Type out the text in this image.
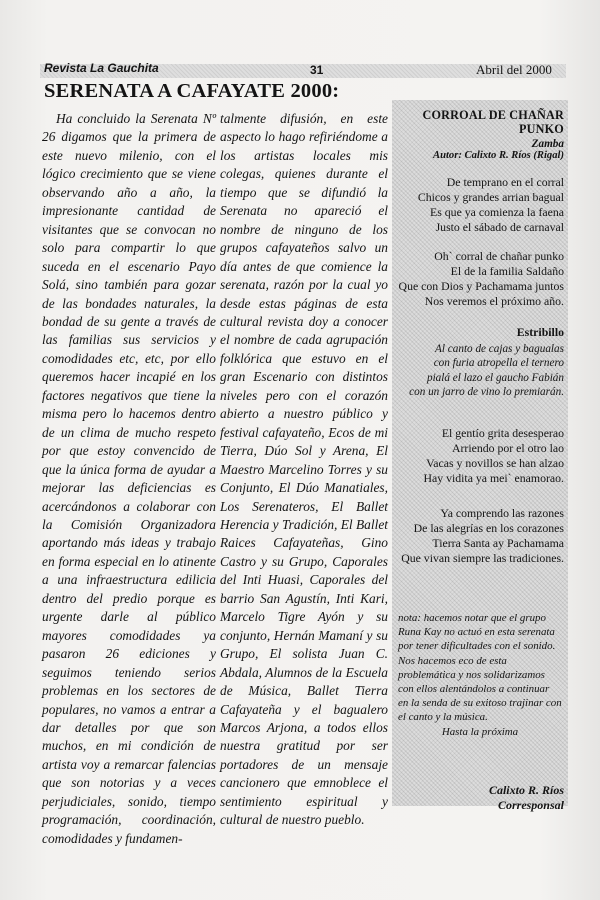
Revista La Gauchita	31	Abril del 2000
SERENATA A CAFAYATE 2000:

Ha concluido la Serenata Nº 26 digamos que la primera de este nuevo milenio, con el lógico crecimiento que se viene observando año a año, la impresionante cantidad de visitantes que se convocan no solo para compartir lo que suceda en el escenario Payo Solá, sino también para gozar de las bondades naturales, la bondad de su gente a través de las familias sus servicios y comodidades etc, etc, por ello queremos hacer incapié en los factores negativos que tiene la misma pero lo hacemos dentro de un clima de mucho respeto por que estoy convencido de que la única forma de ayudar a mejorar las deficiencias es acercándonos a colaborar con la Comisión Organizadora aportando más ideas y trabajo en forma especial en lo atinente a una infraestructura edilicia dentro del predio porque es urgente darle al público mayores comodidades ya pasaron 26 ediciones y seguimos teniendo serios problemas en los sectores de populares, no vamos a entrar a dar detalles por que son muchos, en mi condición de artista voy a remarcar falencias que son notorias y a veces perjudiciales, sonido, tiempo programación, coordinación, comodidades y fundamen-

talmente difusión, en este aspecto lo hago refiriéndome a los artistas locales mis colegas, quienes durante el tiempo que se difundió la Serenata no apareció el nombre de ninguno de los grupos cafayateños salvo un día antes de que comience la serenata, razón por la cual yo desde estas páginas de esta cultural revista doy a conocer el nombre de cada agrupación folklórica que estuvo en el gran Escenario con distintos niveles pero con el corazón abierto a nuestro público y festival cafayateño, Ecos de mi Tierra, Dúo Sol y Arena, El Maestro Marcelino Torres y su Conjunto, El Dúo Manatiales, Los Serenateros, El Ballet Herencia y Tradición, El Ballet Raices Cafayateñas, Gino Castro y su Grupo, Caporales del Inti Huasi, Caporales del barrio San Agustín, Inti Kari, Marcelo Tigre Ayón y su conjunto, Hernán Mamaní y su Grupo, El solista Juan C. Abdala, Alumnos de la Escuela de Música, Ballet Tierra Cafayateña y el bagualero Marcos Arjona, a todos ellos nuestra gratitud por ser portadores de un mensaje cancionero que emnoblece el sentimiento espiritual y cultural de nuestro pueblo.

CORROAL DE CHAÑAR PUNKO
Zamba
Autor: Calixto R. Ríos (Rigal)
De temprano en el corral
Chicos y grandes arrian bagual
Es que ya comienza la faena
Justo el sábado de carnaval
Oh` corral de chañar punko
El de la familia Saldaño
Que con Dios y Pachamama juntos
Nos veremos el próximo año.
Estribillo
Al canto de cajas y bagualas
con furia atropella el ternero
pialá el lazo el gaucho Fabián
con un jarro de vino lo premiarán.
El gentío grita desesperao
Arriendo por el otro lao
Vacas y novillos se han alzao
Hay vidita ya mei` enamorao.
Ya comprendo las razones
De las alegrías en los corazones
Tierra Santa ay Pachamama
Que vivan siempre las tradiciones.
nota: hacemos notar que el grupo Runa Kay no actuó en esta serenata por tener dificultades con el sonido. Nos hacemos eco de esta problemática y nos solidarizamos con ellos alentándolos a continuar en la senda de su exitoso trajinar con el canto y la música.
Hasta la próxima
Calixto R. Ríos
Corresponsal
